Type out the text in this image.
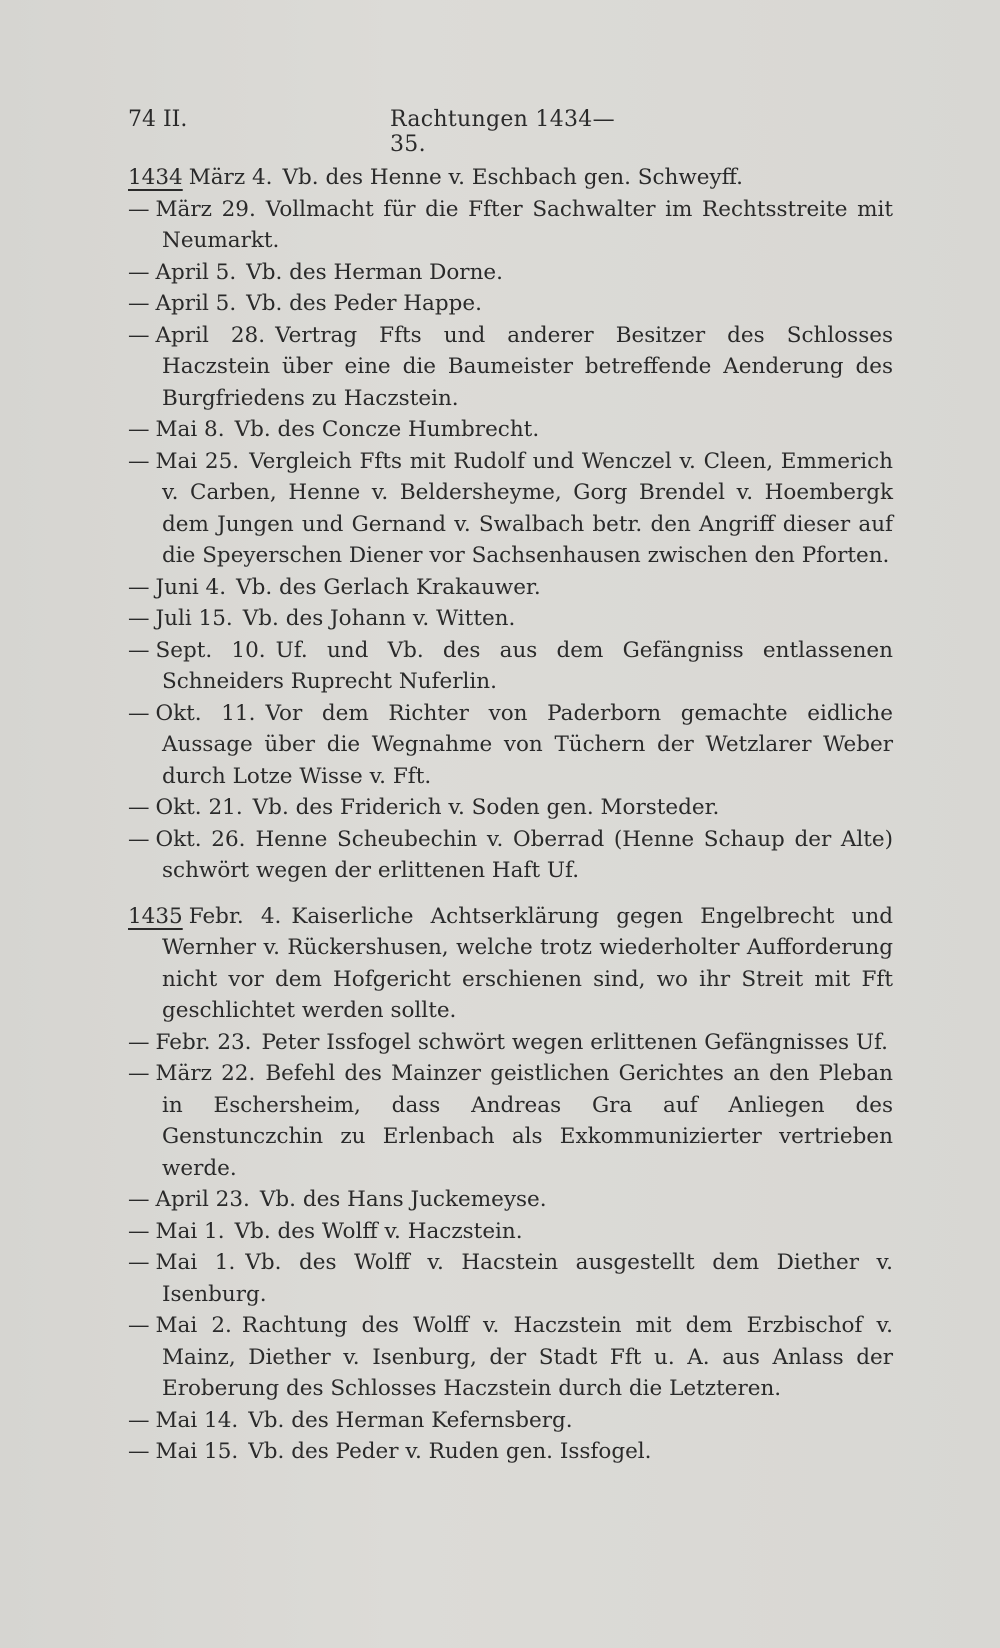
74 II.	Rachtungen 1434—35.

1434 März 4. Vb. des Henne v. Eschbach gen. Schweyff.

— März 29. Vollmacht für die Ffter Sachwalter im Rechtsstreite mit Neumarkt.

— April 5. Vb. des Herman Dorne.

— April 5. Vb. des Peder Happe.

— April 28. Vertrag Ffts und anderer Besitzer des Schlosses Haczstein über eine die Baumeister betreffende Aenderung des Burgfriedens zu Haczstein.

— Mai 8. Vb. des Concze Humbrecht.

— Mai 25. Vergleich Ffts mit Rudolf und Wenczel v. Cleen, Emmerich v. Carben, Henne v. Beldersheyme, Gorg Brendel v. Hoembergk dem Jungen und Gernand v. Swalbach betr. den Angriff dieser auf die Speyerschen Diener vor Sachsenhausen zwischen den Pforten.

— Juni 4. Vb. des Gerlach Krakauwer.

— Juli 15. Vb. des Johann v. Witten.

— Sept. 10. Uf. und Vb. des aus dem Gefängniss entlassenen Schneiders Ruprecht Nuferlin.

— Okt. 11. Vor dem Richter von Paderborn gemachte eidliche Aussage über die Wegnahme von Tüchern der Wetzlarer Weber durch Lotze Wisse v. Fft.

— Okt. 21. Vb. des Friderich v. Soden gen. Morsteder.

— Okt. 26. Henne Scheubechin v. Oberrad (Henne Schaup der Alte) schwört wegen der erlittenen Haft Uf.

1435 Febr. 4. Kaiserliche Achtserklärung gegen Engelbrecht und Wernher v. Rückershusen, welche trotz wiederholter Aufforderung nicht vor dem Hofgericht erschienen sind, wo ihr Streit mit Fft geschlichtet werden sollte.

— Febr. 23. Peter Issfogel schwört wegen erlittenen Gefängnisses Uf.

— März 22. Befehl des Mainzer geistlichen Gerichtes an den Pleban in Eschersheim, dass Andreas Gra auf Anliegen des Genstunczchin zu Erlenbach als Exkommunizierter vertrieben werde.

— April 23. Vb. des Hans Juckemeyse.

— Mai 1. Vb. des Wolff v. Haczstein.

— Mai 1. Vb. des Wolff v. Hacstein ausgestellt dem Diether v. Isenburg.

— Mai 2. Rachtung des Wolff v. Haczstein mit dem Erzbischof v. Mainz, Diether v. Isenburg, der Stadt Fft u. A. aus Anlass der Eroberung des Schlosses Haczstein durch die Letzteren.

— Mai 14. Vb. des Herman Kefernsberg.

— Mai 15. Vb. des Peder v. Ruden gen. Issfogel.
